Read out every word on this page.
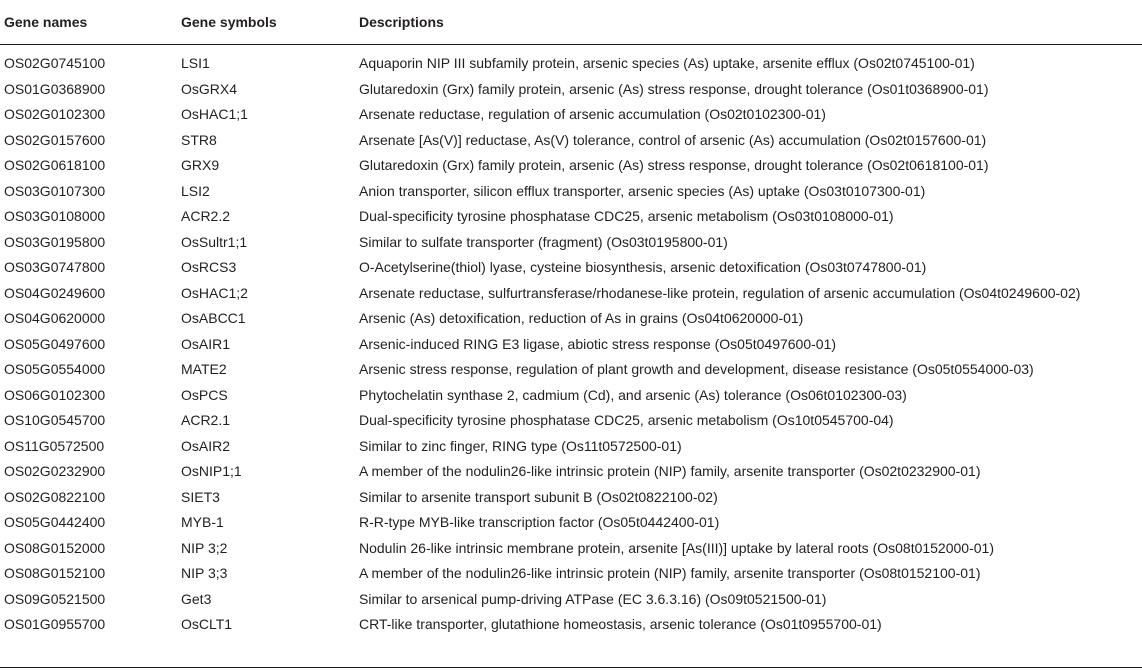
Gene names	Gene symbols	Descriptions
OS02G0745100	LSI1	Aquaporin NIP III subfamily protein, arsenic species (As) uptake, arsenite efflux (Os02t0745100-01)
OS01G0368900	OsGRX4	Glutaredoxin (Grx) family protein, arsenic (As) stress response, drought tolerance (Os01t0368900-01)
OS02G0102300	OsHAC1;1	Arsenate reductase, regulation of arsenic accumulation (Os02t0102300-01)
OS02G0157600	STR8	Arsenate [As(V)] reductase, As(V) tolerance, control of arsenic (As) accumulation (Os02t0157600-01)
OS02G0618100	GRX9	Glutaredoxin (Grx) family protein, arsenic (As) stress response, drought tolerance (Os02t0618100-01)
OS03G0107300	LSI2	Anion transporter, silicon efflux transporter, arsenic species (As) uptake (Os03t0107300-01)
OS03G0108000	ACR2.2	Dual-specificity tyrosine phosphatase CDC25, arsenic metabolism (Os03t0108000-01)
OS03G0195800	OsSultr1;1	Similar to sulfate transporter (fragment) (Os03t0195800-01)
OS03G0747800	OsRCS3	O-Acetylserine(thiol) lyase, cysteine biosynthesis, arsenic detoxification (Os03t0747800-01)
OS04G0249600	OsHAC1;2	Arsenate reductase, sulfurtransferase/rhodanese-like protein, regulation of arsenic accumulation (Os04t0249600-02)
OS04G0620000	OsABCC1	Arsenic (As) detoxification, reduction of As in grains (Os04t0620000-01)
OS05G0497600	OsAIR1	Arsenic-induced RING E3 ligase, abiotic stress response (Os05t0497600-01)
OS05G0554000	MATE2	Arsenic stress response, regulation of plant growth and development, disease resistance (Os05t0554000-03)
OS06G0102300	OsPCS	Phytochelatin synthase 2, cadmium (Cd), and arsenic (As) tolerance (Os06t0102300-03)
OS10G0545700	ACR2.1	Dual-specificity tyrosine phosphatase CDC25, arsenic metabolism (Os10t0545700-04)
OS11G0572500	OsAIR2	Similar to zinc finger, RING type (Os11t0572500-01)
OS02G0232900	OsNIP1;1	A member of the nodulin26-like intrinsic protein (NIP) family, arsenite transporter (Os02t0232900-01)
OS02G0822100	SIET3	Similar to arsenite transport subunit B (Os02t0822100-02)
OS05G0442400	MYB-1	R-R-type MYB-like transcription factor (Os05t0442400-01)
OS08G0152000	NIP 3;2	Nodulin 26-like intrinsic membrane protein, arsenite [As(III)] uptake by lateral roots (Os08t0152000-01)
OS08G0152100	NIP 3;3	A member of the nodulin26-like intrinsic protein (NIP) family, arsenite transporter (Os08t0152100-01)
OS09G0521500	Get3	Similar to arsenical pump-driving ATPase (EC 3.6.3.16) (Os09t0521500-01)
OS01G0955700	OsCLT1	CRT-like transporter, glutathione homeostasis, arsenic tolerance (Os01t0955700-01)
